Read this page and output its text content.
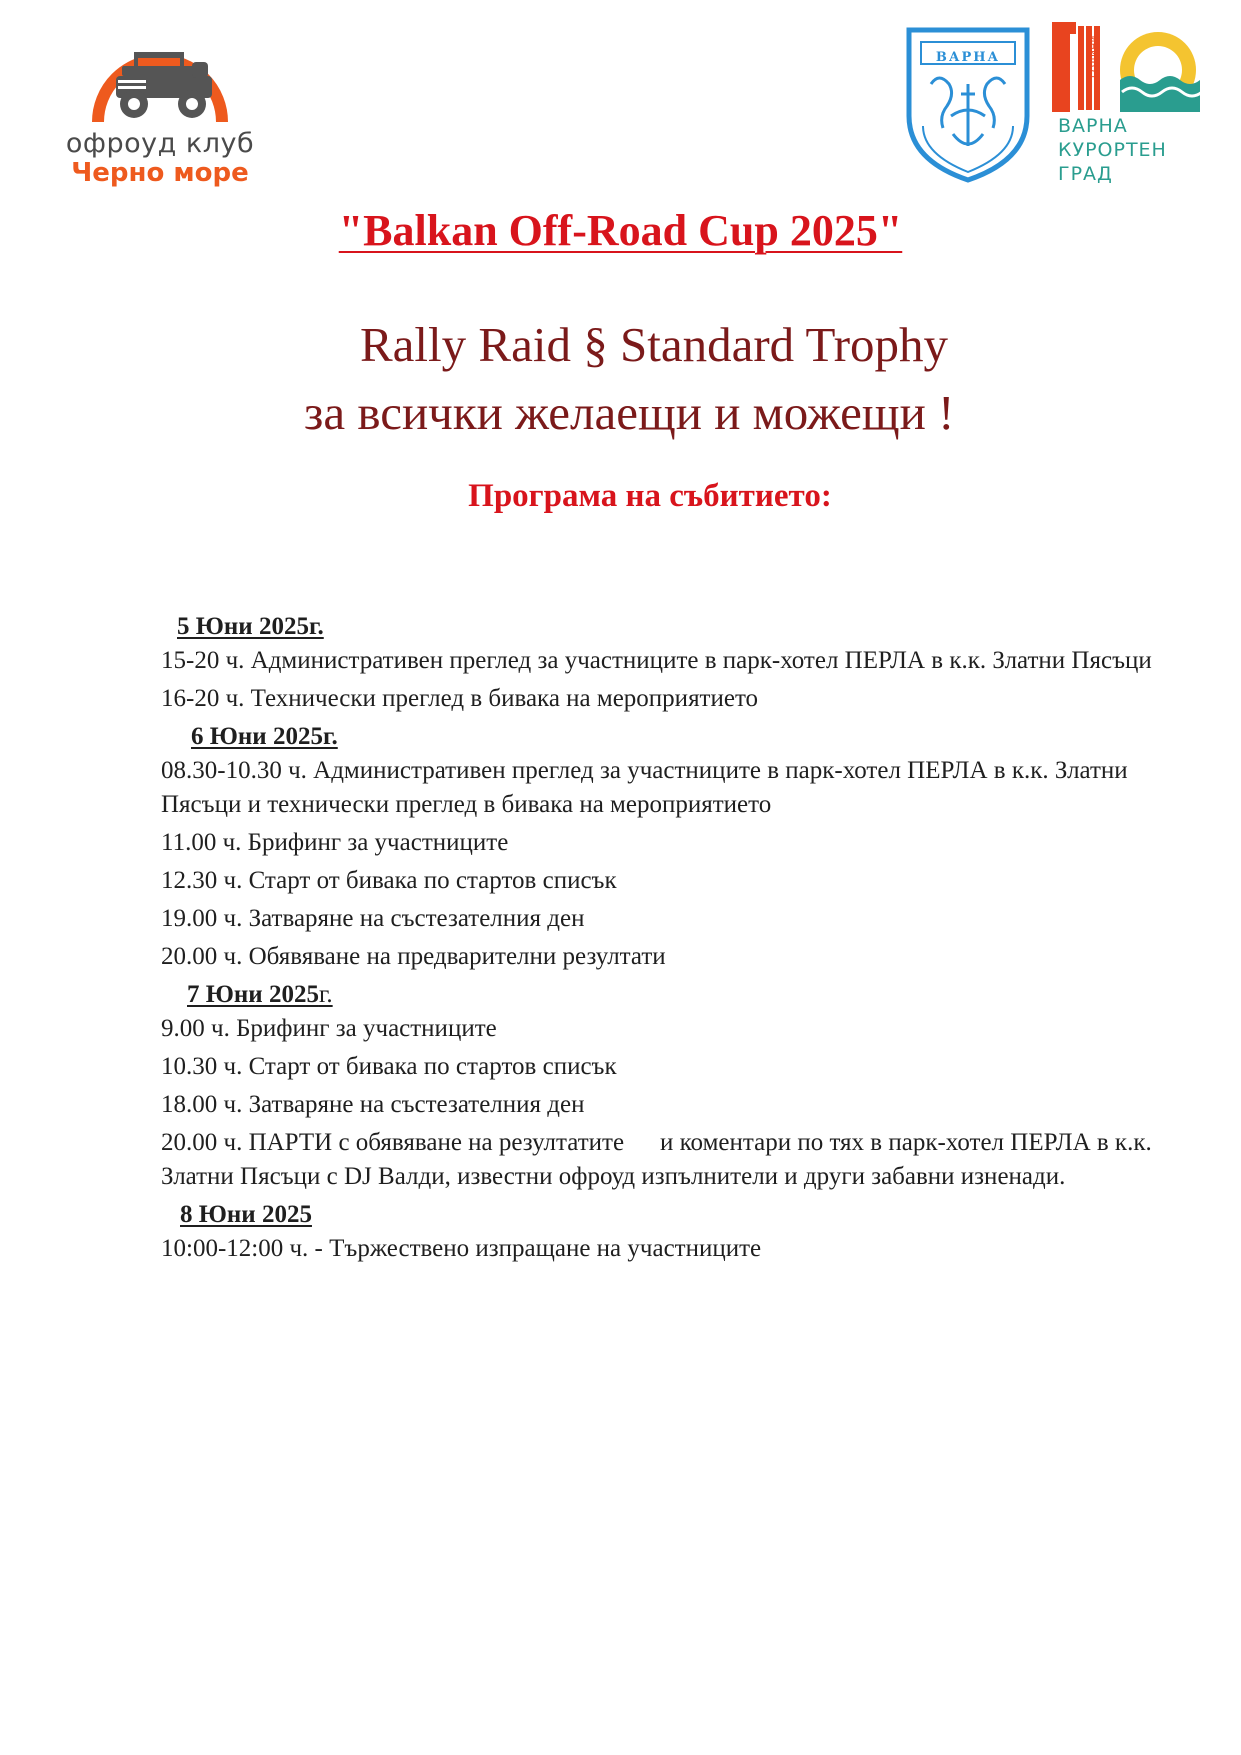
офроуд клуб
Черно море
ВАРНА	ГОДИНИ
ВАРНА
КУРОРТЕН
ГРАД
"Balkan Off-Road Cup 2025"
Rally Raid § Standard Trophy
за всички желаещи и можещи !
Програма на събитието:

5 Юни 2025г.

15-20 ч. Административен преглед за участниците в парк-хотел ПЕРЛА в к.к. Златни Пясъци

16-20 ч. Технически преглед в бивака на мероприятието

6 Юни 2025г.

08.30-10.30 ч. Административен преглед за участниците в парк-хотел ПЕРЛА в к.к. Златни Пясъци и технически преглед в бивака на мероприятието

11.00 ч. Брифинг за участниците

12.30 ч. Старт от бивака по стартов списък

19.00 ч. Затваряне на състезателния ден

20.00 ч. Обявяване на предварителни резултати

7 Юни 2025г.

9.00 ч. Брифинг за участниците

10.30 ч. Старт от бивака по стартов списък

18.00 ч. Затваряне на състезателния ден

20.00 ч. ПАРТИ с обявяване на резултатите и коментари по тях в парк-хотел ПЕРЛА в к.к. Златни Пясъци с DJ Валди, известни офроуд изпълнители и други забавни изненади.

8 Юни 2025

10:00-12:00 ч. - Тържествено изпращане на участниците
